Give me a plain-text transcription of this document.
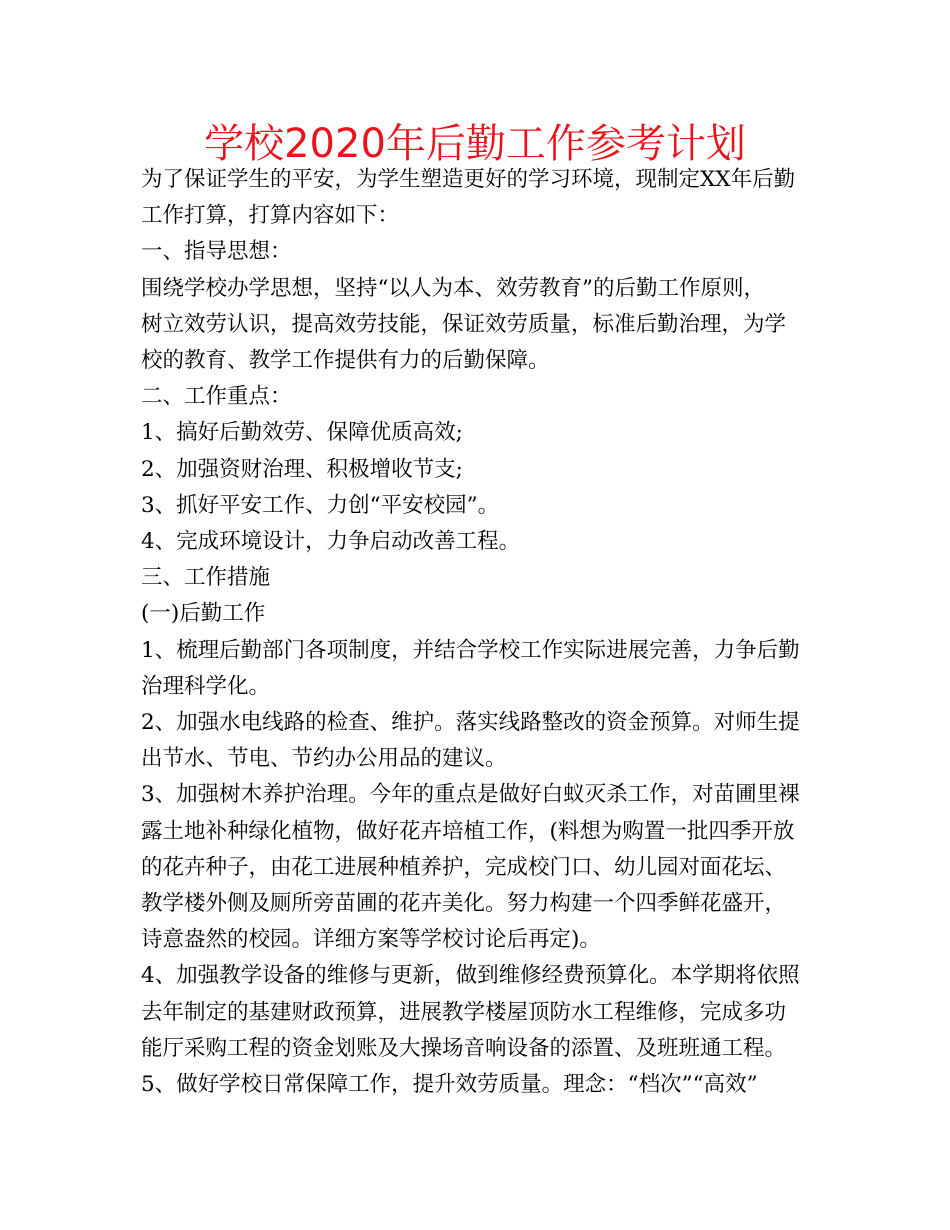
学校2020年后勤工作参考计划

为了保证学生的平安，为学生塑造更好的学习环境，现制定XX年后勤

工作打算，打算内容如下：

一、指导思想：

围绕学校办学思想，坚持“以人为本、效劳教育”的后勤工作原则，

树立效劳认识，提高效劳技能，保证效劳质量，标准后勤治理，为学

校的教育、教学工作提供有力的后勤保障。

二、工作重点：

1、搞好后勤效劳、保障优质高效;

2、加强资财治理、积极增收节支;

3、抓好平安工作、力创“平安校园”。

4、完成环境设计，力争启动改善工程。

三、工作措施

(一)后勤工作

1、梳理后勤部门各项制度，并结合学校工作实际进展完善，力争后勤

治理科学化。

2、加强水电线路的检查、维护。落实线路整改的资金预算。对师生提

出节水、节电、节约办公用品的建议。

3、加强树木养护治理。今年的重点是做好白蚁灭杀工作，对苗圃里裸

露土地补种绿化植物，做好花卉培植工作，(料想为购置一批四季开放

的花卉种子，由花工进展种植养护，完成校门口、幼儿园对面花坛、

教学楼外侧及厕所旁苗圃的花卉美化。努力构建一个四季鲜花盛开，

诗意盎然的校园。详细方案等学校讨论后再定)。

4、加强教学设备的维修与更新，做到维修经费预算化。本学期将依照

去年制定的基建财政预算，进展教学楼屋顶防水工程维修，完成多功

能厅采购工程的资金划账及大操场音响设备的添置、及班班通工程。

5、做好学校日常保障工作，提升效劳质量。理念：“档次”“高效”
